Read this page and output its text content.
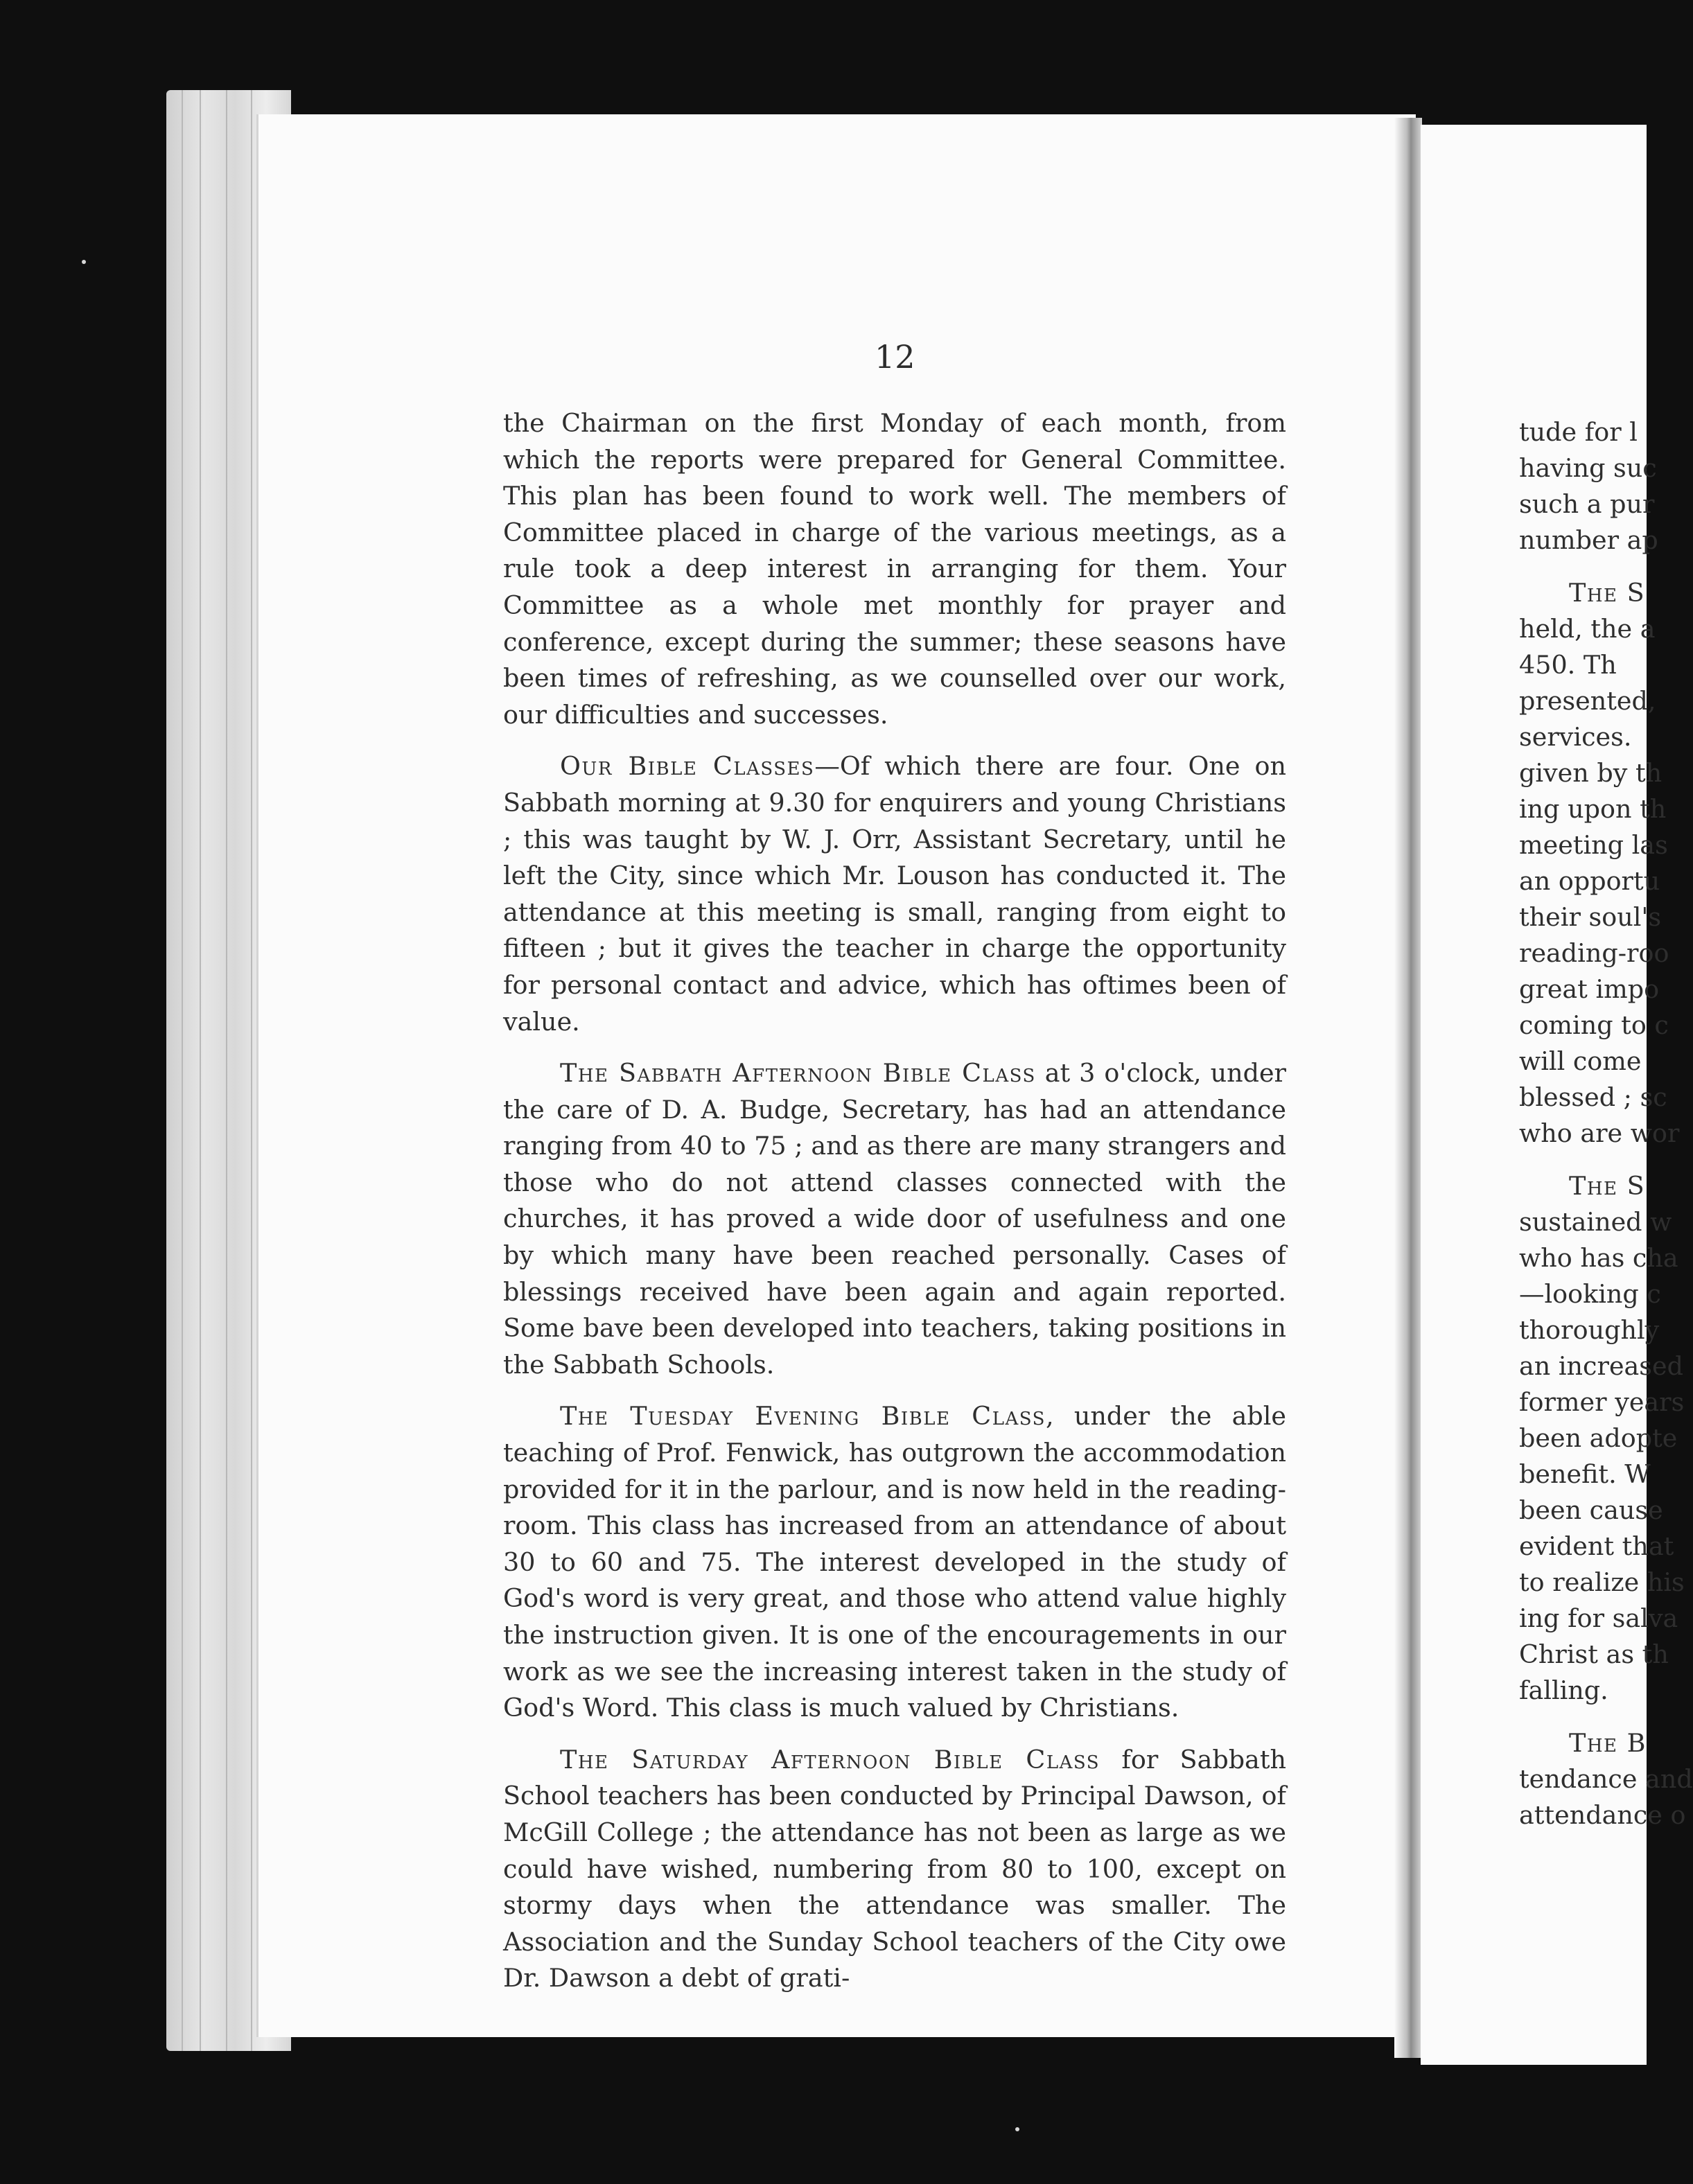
12

the Chairman on the first Monday of each month, from which the reports were prepared for General Committee. This plan has been found to work well. The members of Committee placed in charge of the various meetings, as a rule took a deep interest in arranging for them. Your Committee as a whole met monthly for prayer and conference, except during the summer; these seasons have been times of refreshing, as we counselled over our work, our difficulties and successes.

Our Bible Classes—Of which there are four. One on Sabbath morning at 9.30 for enquirers and young Christians ; this was taught by W. J. Orr, Assistant Secretary, until he left the City, since which Mr. Louson has conducted it. The attendance at this meeting is small, ranging from eight to fifteen ; but it gives the teacher in charge the opportunity for personal contact and advice, which has oftimes been of value.

The Sabbath Afternoon Bible Class at 3 o'clock, under the care of D. A. Budge, Secretary, has had an attendance ranging from 40 to 75 ; and as there are many strangers and those who do not attend classes connected with the churches, it has proved a wide door of usefulness and one by which many have been reached personally. Cases of blessings received have been again and again reported. Some bave been developed into teachers, taking positions in the Sabbath Schools.

The Tuesday Evening Bible Class, under the able teaching of Prof. Fenwick, has outgrown the accommodation provided for it in the parlour, and is now held in the reading-room. This class has increased from an attendance of about 30 to 60 and 75. The interest developed in the study of God's word is very great, and those who attend value highly the instruction given. It is one of the encouragements in our work as we see the increasing interest taken in the study of God's Word. This class is much valued by Christians.

The Saturday Afternoon Bible Class for Sabbath School teachers has been conducted by Principal Dawson, of McGill College ; the attendance has not been as large as we could have wished, numbering from 80 to 100, except on stormy days when the attendance was smaller. The Association and the Sunday School teachers of the City owe Dr. Dawson a debt of grati-

tude for l
having suc
such a pur
number ap
The S
held, the a
450. Th
presented,
services.
given by th
ing upon th
meeting las
an opportu
their soul's
reading-roo
great impo
coming to c
will come
blessed ; sc
who are wor
The S
sustained w
who has cha
—looking c
thoroughly
an increased
former years
been adopte
benefit. W
been cause
evident that
to realize his
ing for salva
Christ as th
falling.
The B
tendance and
attendance o
